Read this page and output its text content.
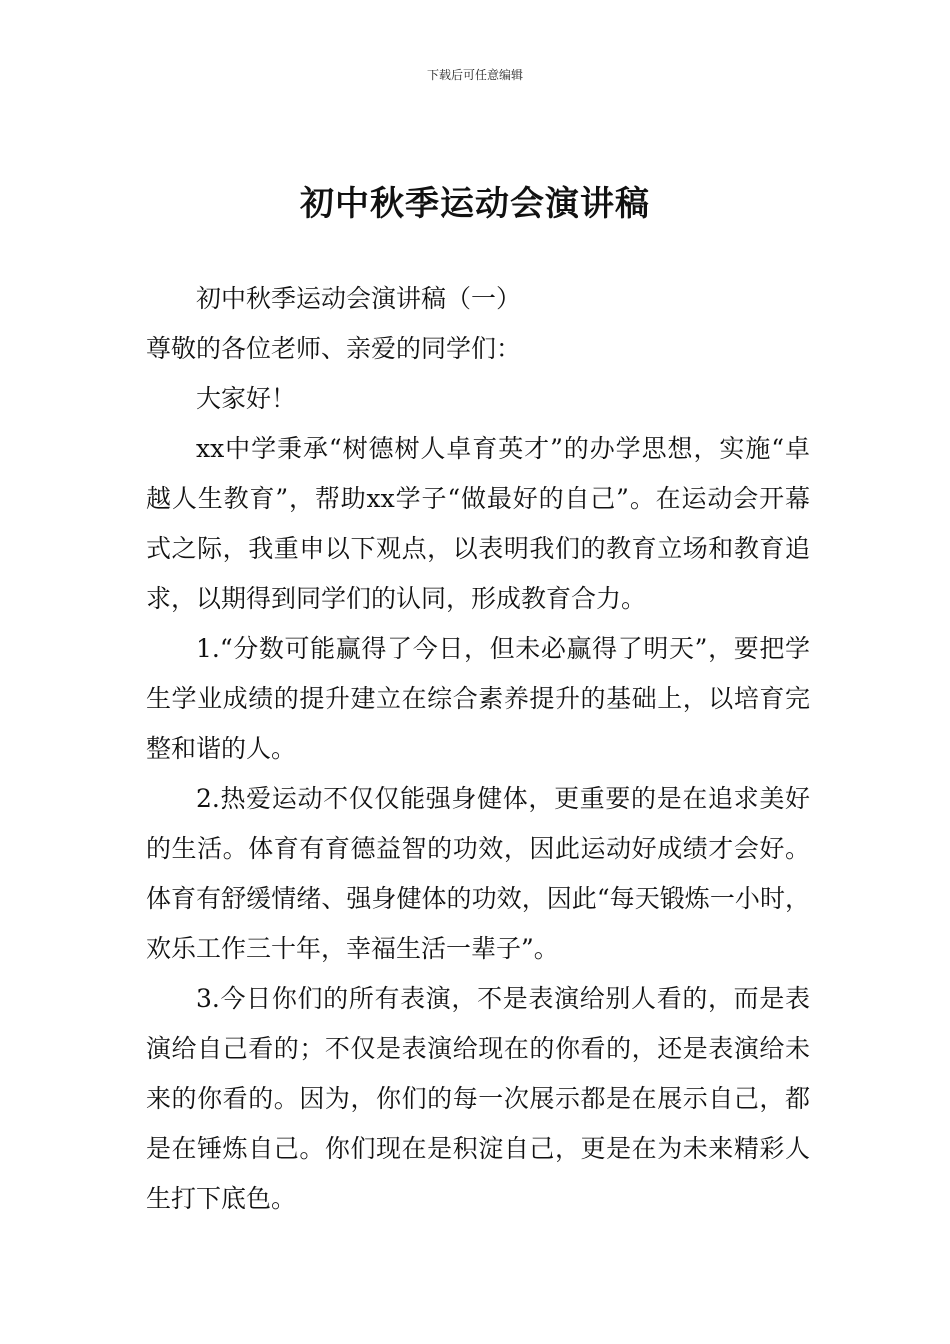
下载后可任意编辑
初中秋季运动会演讲稿

初中秋季运动会演讲稿（一）

尊敬的各位老师、亲爱的同学们：

大家好！

xx中学秉承“树德树人卓育英才”的办学思想，实施“卓越人生教育”，帮助xx学子“做最好的自己”。在运动会开幕式之际，我重申以下观点，以表明我们的教育立场和教育追求，以期得到同学们的认同，形成教育合力。

1.“分数可能赢得了今日，但未必赢得了明天”，要把学生学业成绩的提升建立在综合素养提升的基础上，以培育完整和谐的人。

2.热爱运动不仅仅能强身健体，更重要的是在追求美好的生活。体育有育德益智的功效，因此运动好成绩才会好。体育有舒缓情绪、强身健体的功效，因此“每天锻炼一小时，欢乐工作三十年，幸福生活一辈子”。

3.今日你们的所有表演，不是表演给别人看的，而是表演给自己看的；不仅是表演给现在的你看的，还是表演给未来的你看的。因为，你们的每一次展示都是在展示自己，都是在锤炼自己。你们现在是积淀自己，更是在为未来精彩人生打下底色。
